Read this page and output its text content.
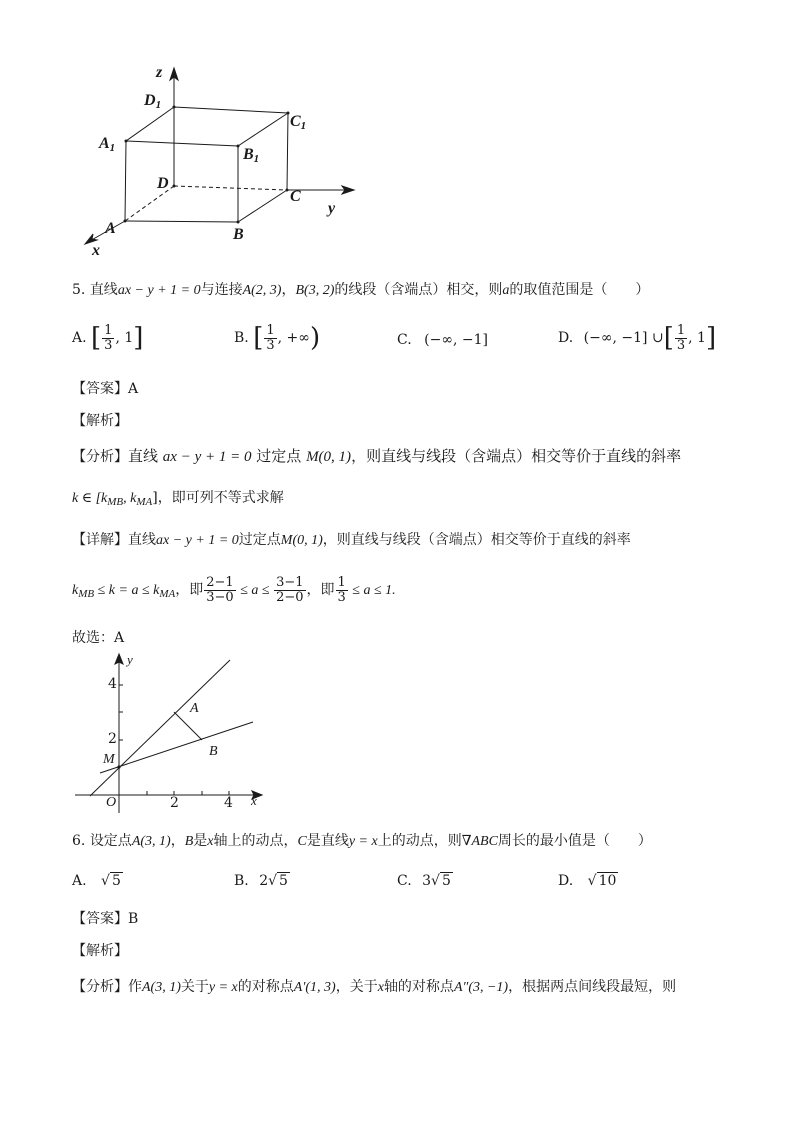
z
D1
C1
A1	B1
D
C
y
A	B
x
5. 直线ax − y + 1 = 0与连接A(2, 3)，B(3, 2)的线段（含端点）相交，则a的取值范围是（　　）
A. [ $\frac{1}{3}$ , 1]	B. [ $\frac{1}{3}$ , +∞)	C. (−∞, −1]	D. (−∞, −1] ∪[ $\frac{1}{3}$ , 1]
【答案】A
【解析】
【分析】直线 ax − y + 1 = 0 过定点 M(0, 1)，则直线与线段（含端点）相交等价于直线的斜率
k ∈ [$k_{MB}$, $k_{MA}$]，即可列不等式求解
【详解】直线ax − y + 1 = 0过定点M(0, 1)，则直线与线段（含端点）相交等价于直线的斜率
$k_{MB} \le k = a \le k_{MA}$，即 $\frac{2-1}{3-0} \le a \le \frac{3-1}{2-0}$ ，即 $\frac{1}{3} \le a \le 1$.
故选：A
y
4
A
2
B
M
O	2	4 x
6. 设定点A(3, 1)，B是x轴上的动点，C是直线y = x上的动点，则∇ABC周长的最小值是（　　）
A. √ 5	B. 2√ 5	C. 3√ 5	D. √ 10
【答案】B
【解析】
【分析】作A(3, 1)关于y = x的对称点A′(1, 3)，关于x轴的对称点A″(3, −1)，根据两点间线段最短，则
